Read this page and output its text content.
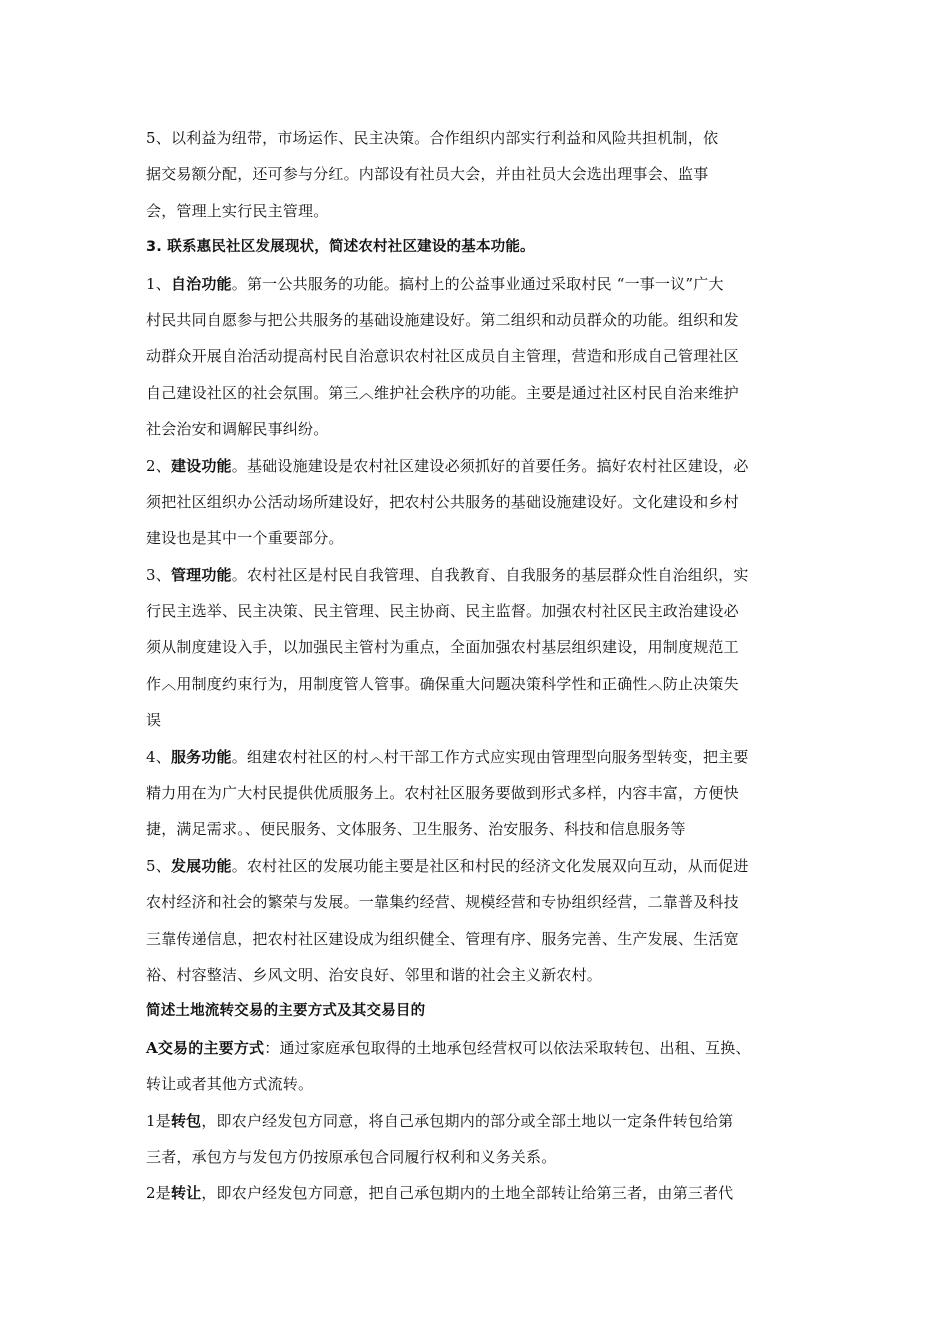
5、以利益为纽带，市场运作、民主决策。合作组织内部实行利益和风险共担机制，依
据交易额分配，还可参与分红。内部设有社员大会，并由社员大会选出理事会、监事
会，管理上实行民主管理。
3. 联系惠民社区发展现状，简述农村社区建设的基本功能。
1、自治功能。第一公共服务的功能。搞村上的公益事业通过采取村民 “一事一议”广大
村民共同自愿参与把公共服务的基础设施建设好。第二组织和动员群众的功能。组织和发
动群众开展自治活动提高村民自治意识农村社区成员自主管理，营造和形成自己管理社区
自己建设社区的社会氛围。第三︿维护社会秩序的功能。主要是通过社区村民自治来维护
社会治安和调解民事纠纷。
2、建设功能。基础设施建设是农村社区建设必须抓好的首要任务。搞好农村社区建设，必
须把社区组织办公活动场所建设好，把农村公共服务的基础设施建设好。文化建设和乡村
建设也是其中一个重要部分。
3、管理功能。农村社区是村民自我管理、自我教育、自我服务的基层群众性自治组织，实
行民主选举、民主决策、民主管理、民主协商、民主监督。加强农村社区民主政治建设必
须从制度建设入手，以加强民主管村为重点，全面加强农村基层组织建设，用制度规范工
作︿用制度约束行为，用制度管人管事。确保重大问题决策科学性和正确性︿防止决策失
误
4、服务功能。组建农村社区的村︿村干部工作方式应实现由管理型向服务型转变，把主要
精力用在为广大村民提供优质服务上。农村社区服务要做到形式多样，内容丰富，方便快
捷，满足需求。、便民服务、文体服务、卫生服务、治安服务、科技和信息服务等
5、发展功能。农村社区的发展功能主要是社区和村民的经济文化发展双向互动，从而促进
农村经济和社会的繁荣与发展。一靠集约经营、规模经营和专协组织经营，二靠普及科技
三靠传递信息，把农村社区建设成为组织健全、管理有序、服务完善、生产发展、生活宽
裕、村容整洁、乡风文明、治安良好、邻里和谐的社会主义新农村。
简述土地流转交易的主要方式及其交易目的
A交易的主要方式：通过家庭承包取得的土地承包经营权可以依法采取转包、出租、互换、
转让或者其他方式流转。
1是转包，即农户经发包方同意，将自己承包期内的部分或全部土地以一定条件转包给第
三者，承包方与发包方仍按原承包合同履行权利和义务关系。
2是转让，即农户经发包方同意，把自己承包期内的土地全部转让给第三者，由第三者代
